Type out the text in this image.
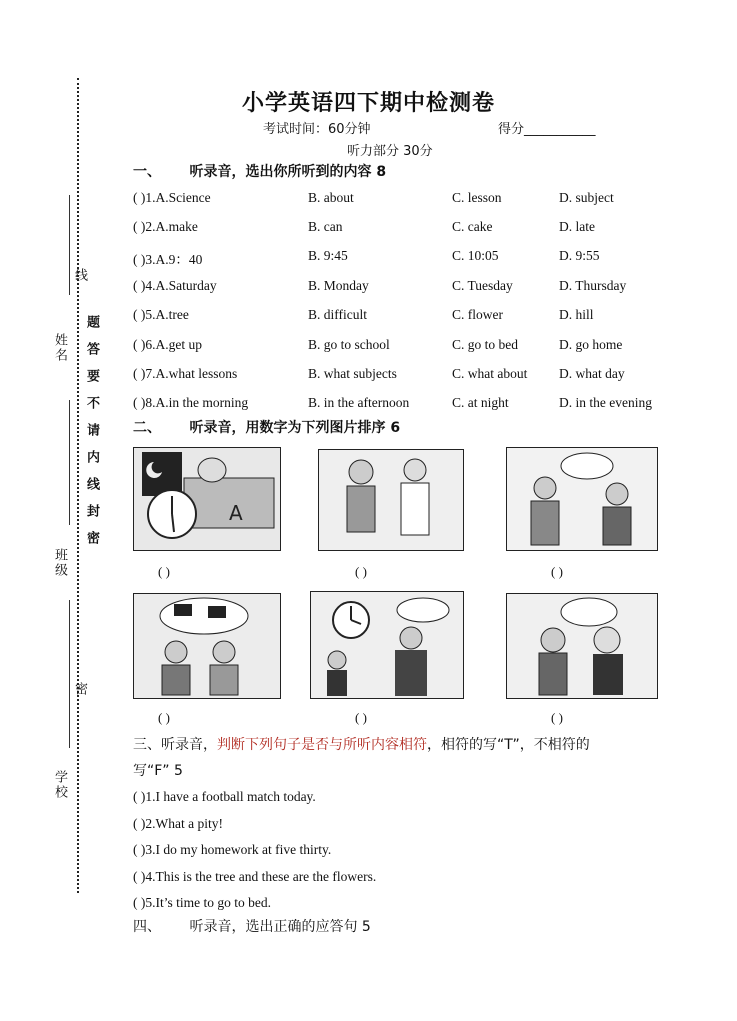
线
姓名
班级
学校
题答要不请内线封密
密
小学英语四下期中检测卷
考试时间：60分钟	得分___________
听力部分 30分
一、 听录音，选出你所听到的内容 8
( )1.A.Science	B. about	C. lesson	D. subject
( )2.A.make	B. can	C. cake	D. late
( )3.A.9：40	B. 9:45	C. 10:05	D. 9:55
( )4.A.Saturday	B. Monday	C. Tuesday	D. Thursday
( )5.A.tree	B. difficult	C. flower	D. hill
( )6.A.get up	B. go to school	C. go to bed	D. go home
( )7.A.what lessons	B. what subjects	C. what about D. what day
( )8.A.in the morning	B. in the afternoon	C. at night	D. in the evening
二、 听录音，用数字为下列图片排序 6
A
( )	( )	( )
( )	( )	( )
三、听录音，判断下列句子是否与所听内容相符，相符的写“T”，不相符的
写“F” 5
( )1.I have a football match today.
( )2.What a pity!
( )3.I do my homework at five thirty.
( )4.This is the tree and these are the flowers.
( )5.It’s time to go to bed.
四、 听录音，选出正确的应答句 5
